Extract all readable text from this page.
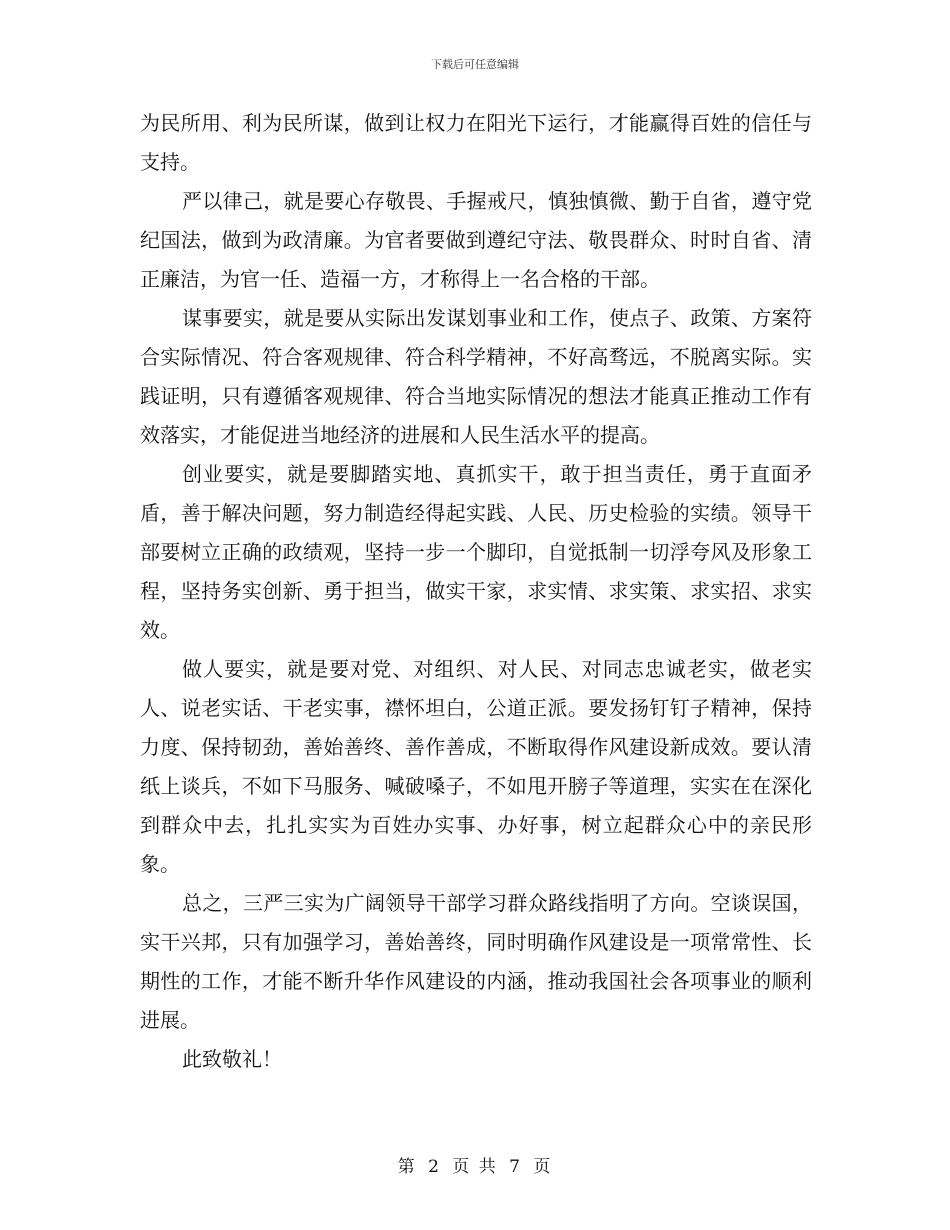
下载后可任意编辑

为民所用、利为民所谋，做到让权力在阳光下运行，才能赢得百姓的信任与支持。

严以律己，就是要心存敬畏、手握戒尺，慎独慎微、勤于自省，遵守党纪国法，做到为政清廉。为官者要做到遵纪守法、敬畏群众、时时自省、清正廉洁，为官一任、造福一方，才称得上一名合格的干部。

谋事要实，就是要从实际出发谋划事业和工作，使点子、政策、方案符合实际情况、符合客观规律、符合科学精神，不好高骛远，不脱离实际。实践证明，只有遵循客观规律、符合当地实际情况的想法才能真正推动工作有效落实，才能促进当地经济的进展和人民生活水平的提高。

创业要实，就是要脚踏实地、真抓实干，敢于担当责任，勇于直面矛盾，善于解决问题，努力制造经得起实践、人民、历史检验的实绩。领导干部要树立正确的政绩观，坚持一步一个脚印，自觉抵制一切浮夸风及形象工程，坚持务实创新、勇于担当，做实干家，求实情、求实策、求实招、求实效。

做人要实，就是要对党、对组织、对人民、对同志忠诚老实，做老实人、说老实话、干老实事，襟怀坦白，公道正派。要发扬钉钉子精神，保持力度、保持韧劲，善始善终、善作善成，不断取得作风建设新成效。要认清纸上谈兵，不如下马服务、喊破嗓子，不如甩开膀子等道理，实实在在深化到群众中去，扎扎实实为百姓办实事、办好事，树立起群众心中的亲民形象。

总之，三严三实为广阔领导干部学习群众路线指明了方向。空谈误国，实干兴邦，只有加强学习，善始善终，同时明确作风建设是一项常常性、长期性的工作，才能不断升华作风建设的内涵，推动我国社会各项事业的顺利进展。

此致敬礼！

第 2 页 共 7 页
